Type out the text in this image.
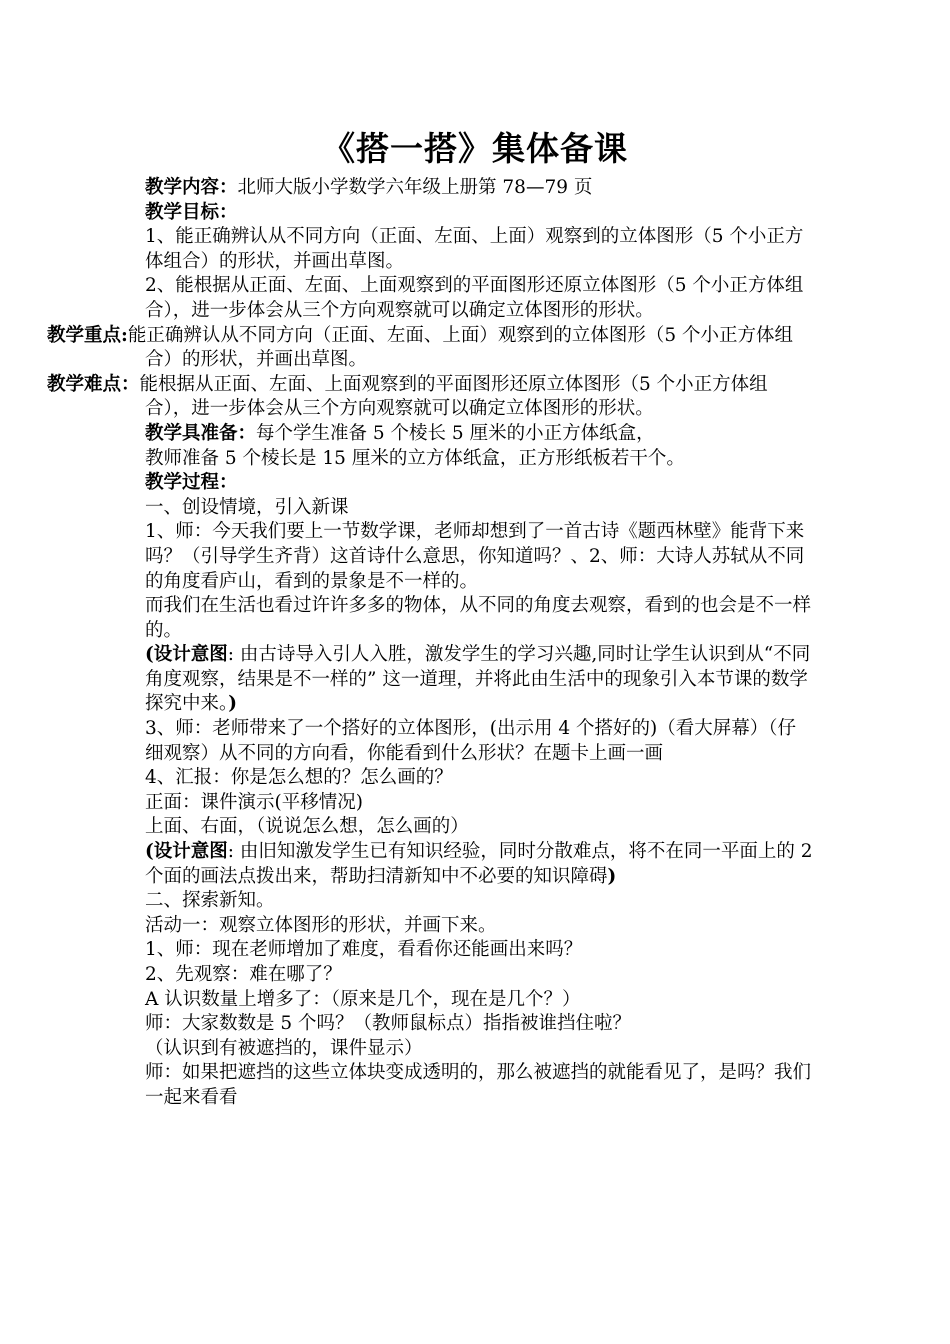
《搭一搭》集体备课

教学内容：北师大版小学数学六年级上册第 78—79 页

教学目标：

1、能正确辨认从不同方向（正面、左面、上面）观察到的立体图形（5 个小正方体组合）的形状，并画出草图。

2、能根据从正面、左面、上面观察到的平面图形还原立体图形（5 个小正方体组合），进一步体会从三个方向观察就可以确定立体图形的形状。

教学重点:能正确辨认从不同方向（正面、左面、上面）观察到的立体图形（5 个小正方体组合）的形状，并画出草图。

教学难点：能根据从正面、左面、上面观察到的平面图形还原立体图形（5 个小正方体组合），进一步体会从三个方向观察就可以确定立体图形的形状。

教学具准备：每个学生准备 5 个棱长 5 厘米的小正方体纸盒，

教师准备 5 个棱长是 15 厘米的立方体纸盒，正方形纸板若干个。

教学过程：

一、创设情境，引入新课

1、师：今天我们要上一节数学课，老师却想到了一首古诗《题西林壁》能背下来吗？（引导学生齐背）这首诗什么意思，你知道吗？、2、师：大诗人苏轼从不同的角度看庐山，看到的景象是不一样的。

而我们在生活也看过许许多多的物体，从不同的角度去观察，看到的也会是不一样的。

(设计意图: 由古诗导入引人入胜，激发学生的学习兴趣,同时让学生认识到从“不同角度观察，结果是不一样的” 这一道理，并将此由生活中的现象引入本节课的数学探究中来。)

3、师：老师带来了一个搭好的立体图形，(出示用 4 个搭好的)（看大屏幕）（仔细观察）从不同的方向看，你能看到什么形状？在题卡上画一画

4、汇报：你是怎么想的？怎么画的？

正面：课件演示(平移情况)

上面、右面，（说说怎么想，怎么画的）

(设计意图: 由旧知激发学生已有知识经验，同时分散难点，将不在同一平面上的 2 个面的画法点拨出来，帮助扫清新知中不必要的知识障碍)

二、探索新知。

活动一：观察立体图形的形状，并画下来。

1、师：现在老师增加了难度，看看你还能画出来吗？

2、先观察：难在哪了？

A 认识数量上增多了：（原来是几个，现在是几个？）

师：大家数数是 5 个吗？（教师鼠标点）指指被谁挡住啦？

（认识到有被遮挡的，课件显示）

师：如果把遮挡的这些立体块变成透明的，那么被遮挡的就能看见了，是吗？我们一起来看看
